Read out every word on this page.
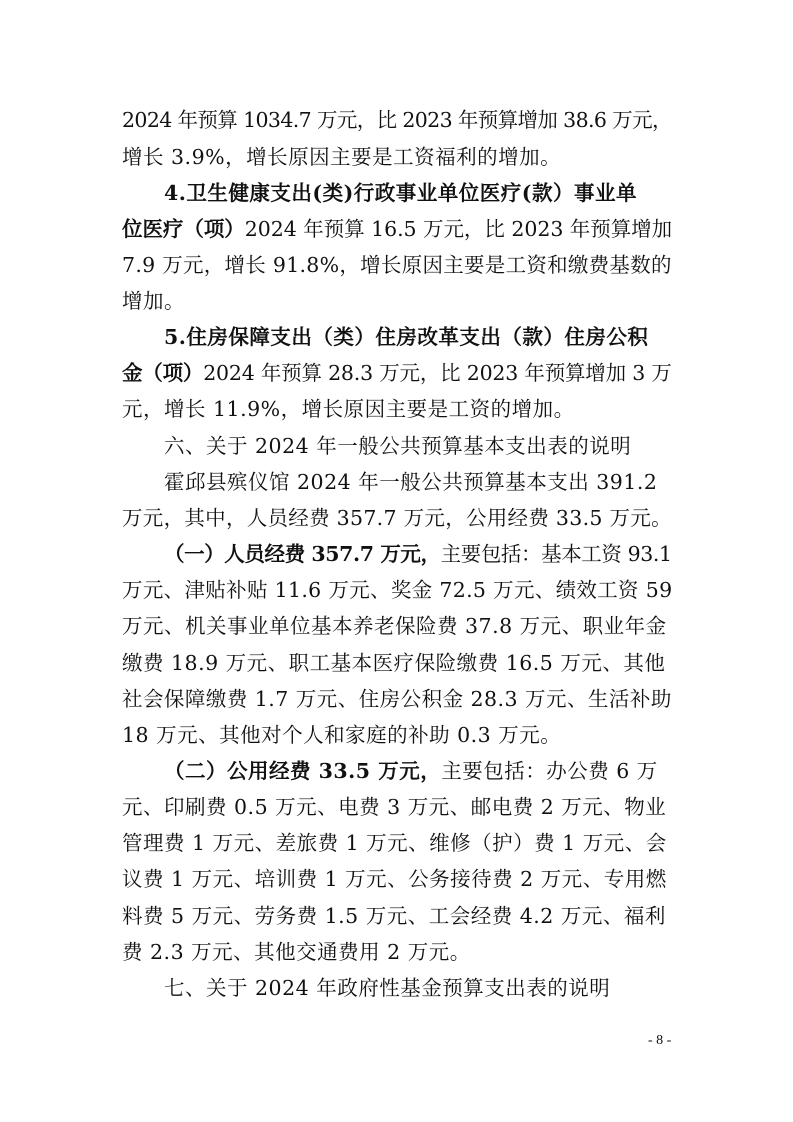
2024 年预算 1034.7 万元，比 2023 年预算增加 38.6 万元，
增长 3.9%，增长原因主要是工资福利的增加。
4.卫生健康支出(类)行政事业单位医疗(款）事业单
位医疗（项）2024 年预算 16.5 万元，比 2023 年预算增加
7.9 万元，增长 91.8%，增长原因主要是工资和缴费基数的
增加。
5.住房保障支出（类）住房改革支出（款）住房公积
金（项）2024 年预算 28.3 万元，比 2023 年预算增加 3 万
元，增长 11.9%，增长原因主要是工资的增加。
六、关于 2024 年一般公共预算基本支出表的说明
霍邱县殡仪馆 2024 年一般公共预算基本支出 391.2
万元，其中，人员经费 357.7 万元，公用经费 33.5 万元。
（一）人员经费 357.7 万元，主要包括：基本工资 93.1
万元、津贴补贴 11.6 万元、奖金 72.5 万元、绩效工资 59
万元、机关事业单位基本养老保险费 37.8 万元、职业年金
缴费 18.9 万元、职工基本医疗保险缴费 16.5 万元、其他
社会保障缴费 1.7 万元、住房公积金 28.3 万元、生活补助
18 万元、其他对个人和家庭的补助 0.3 万元。
（二）公用经费 33.5 万元，主要包括：办公费 6 万
元、印刷费 0.5 万元、电费 3 万元、邮电费 2 万元、物业
管理费 1 万元、差旅费 1 万元、维修（护）费 1 万元、会
议费 1 万元、培训费 1 万元、公务接待费 2 万元、专用燃
料费 5 万元、劳务费 1.5 万元、工会经费 4.2 万元、福利
费 2.3 万元、其他交通费用 2 万元。
七、关于 2024 年政府性基金预算支出表的说明
- 8 -
